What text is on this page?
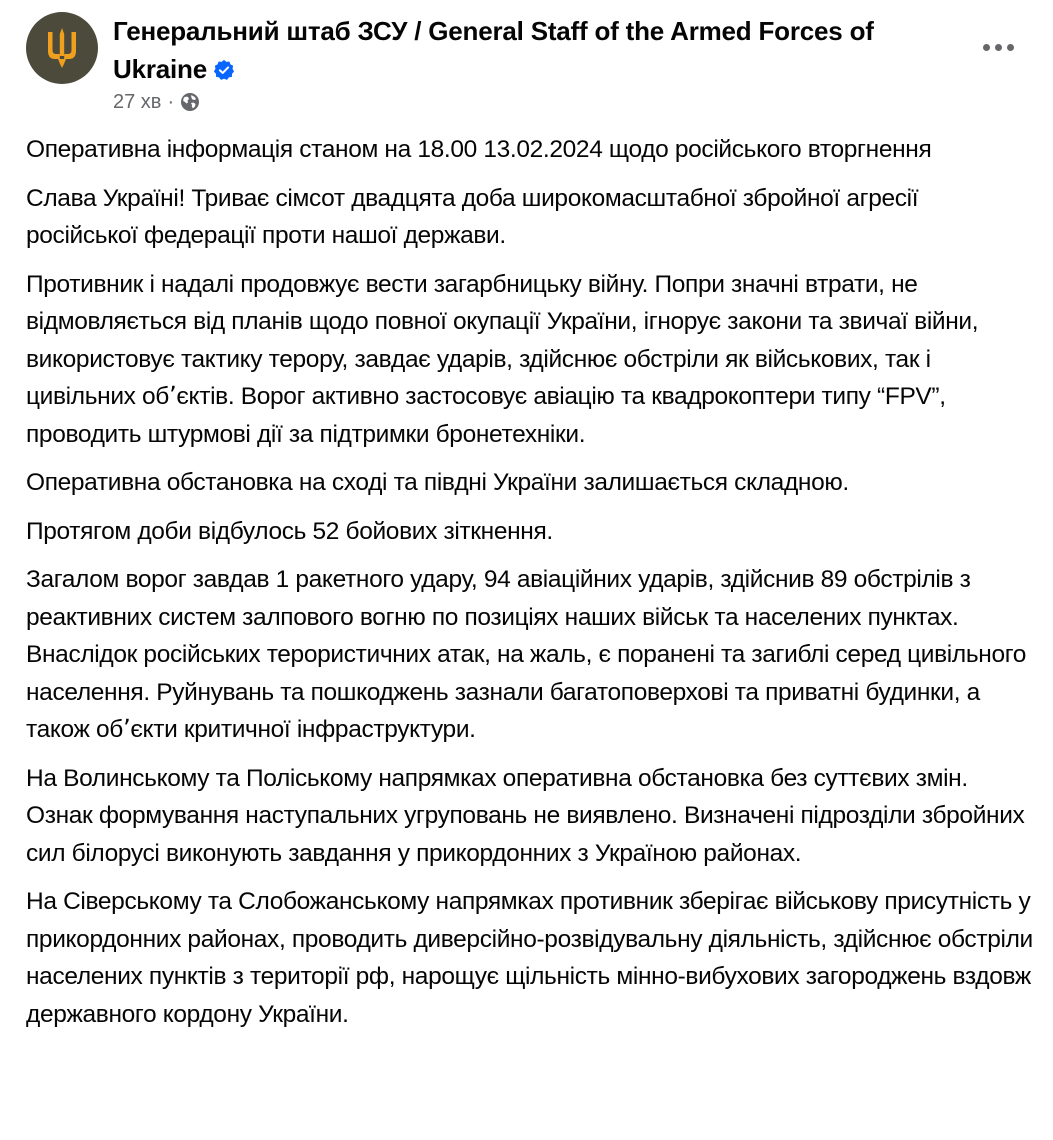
Генеральний штаб ЗСУ / General Staff of the Armed Forces of Ukraine
27 хв ·

Оперативна інформація станом на 18.00 13.02.2024 щодо російського вторгнення

Слава Україні! Триває сімсот двадцята доба широкомасштабної збройної агресії російської федерації проти нашої держави.

Противник і надалі продовжує вести загарбницьку війну. Попри значні втрати, не відмовляється від планів щодо повної окупації України, ігнорує закони та звичаї війни, використовує тактику терору, завдає ударів, здійснює обстріли як військових, так і цивільних об՚єктів. Ворог активно застосовує авіацію та квадрокоптери типу “FPV”, проводить штурмові дії за підтримки бронетехніки.

Оперативна обстановка на сході та півдні України залишається складною.

Протягом доби відбулось 52 бойових зіткнення.

Загалом ворог завдав 1 ракетного удару, 94 авіаційних ударів, здійснив 89 обстрілів з реактивних систем залпового вогню по позиціях наших військ та населених пунктах. Внаслідок російських терористичних атак, на жаль, є поранені та загиблі серед цивільного населення. Руйнувань та пошкоджень зазнали багатоповерхові та приватні будинки, а також об՚єкти критичної інфраструктури.

На Волинському та Поліському напрямках оперативна обстановка без суттєвих змін. Ознак формування наступальних угруповань не виявлено. Визначені підрозділи збройних сил білорусі виконують завдання у прикордонних з Україною районах.

На Сіверському та Слобожанському напрямках противник зберігає військову присутність у прикордонних районах, проводить диверсійно-розвідувальну діяльність, здійснює обстріли населених пунктів з території рф, нарощує щільність мінно-вибухових загороджень вздовж державного кордону України.
